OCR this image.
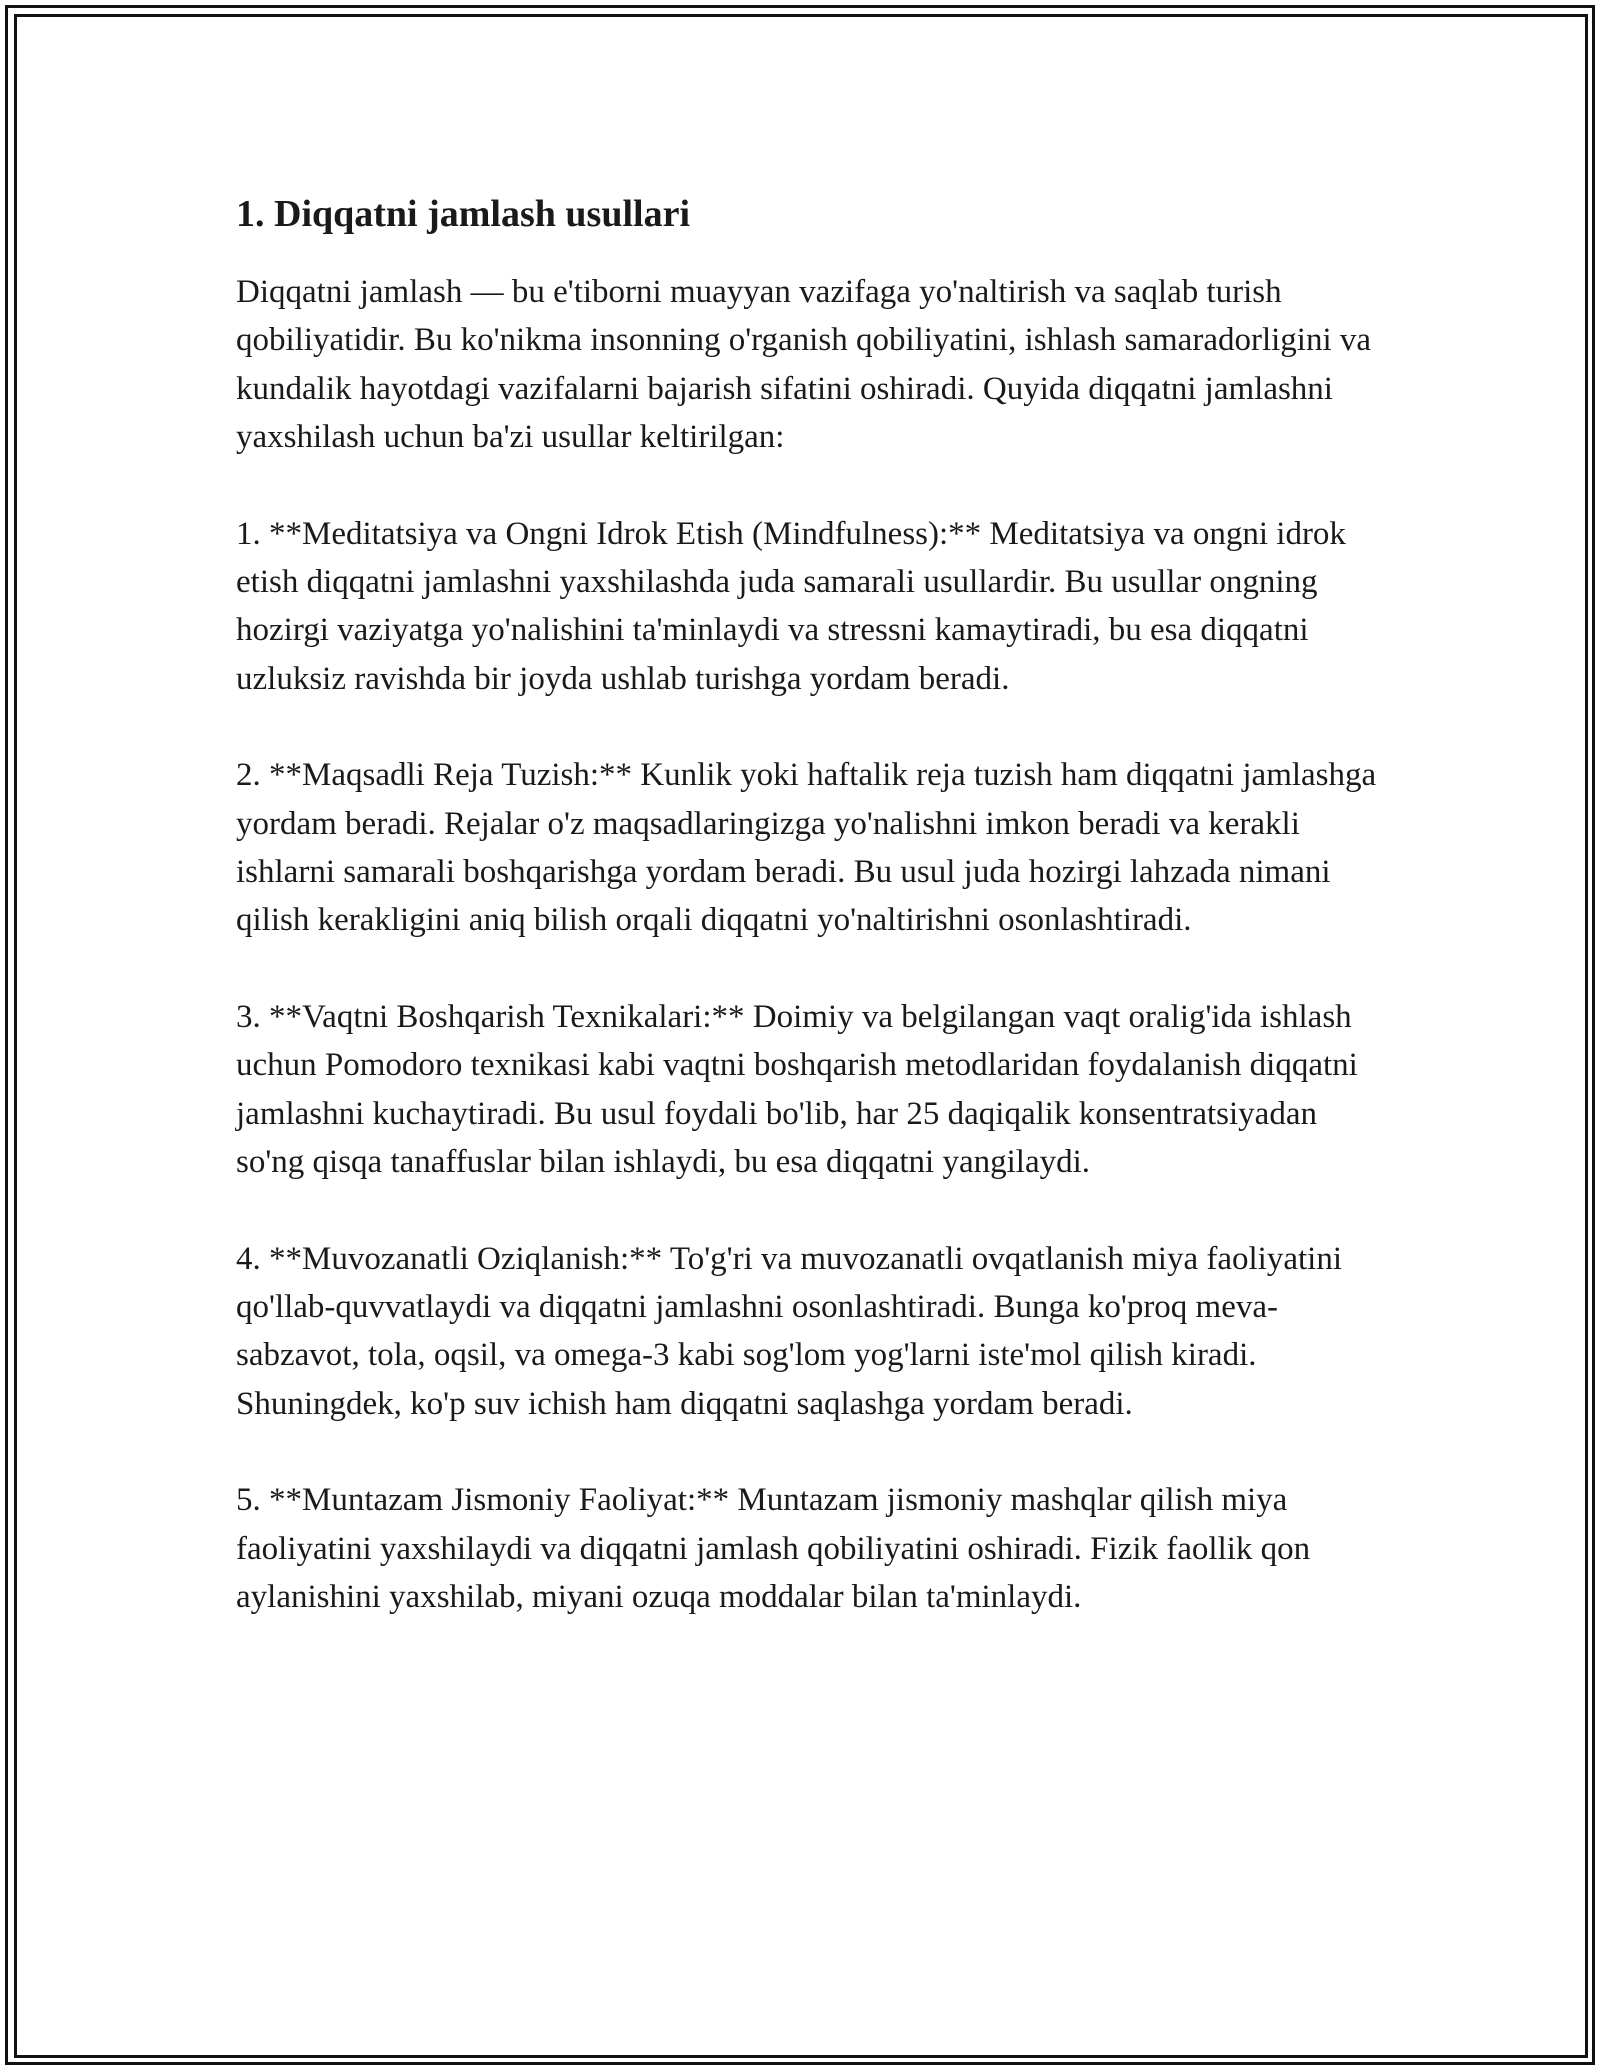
1. Diqqatni jamlash usullari

Diqqatni jamlash — bu e'tiborni muayyan vazifaga yo'naltirish va saqlab turish qobiliyatidir. Bu ko'nikma insonning o'rganish qobiliyatini, ishlash samaradorligini va kundalik hayotdagi vazifalarni bajarish sifatini oshiradi. Quyida diqqatni jamlashni yaxshilash uchun ba'zi usullar keltirilgan:

1. **Meditatsiya va Ongni Idrok Etish (Mindfulness):** Meditatsiya va ongni idrok etish diqqatni jamlashni yaxshilashda juda samarali usullardir. Bu usullar ongning hozirgi vaziyatga yo'nalishini ta'minlaydi va stressni kamaytiradi, bu esa diqqatni uzluksiz ravishda bir joyda ushlab turishga yordam beradi.

2. **Maqsadli Reja Tuzish:** Kunlik yoki haftalik reja tuzish ham diqqatni jamlashga yordam beradi. Rejalar o'z maqsadlaringizga yo'nalishni imkon beradi va kerakli ishlarni samarali boshqarishga yordam beradi. Bu usul juda hozirgi lahzada nimani qilish kerakligini aniq bilish orqali diqqatni yo'naltirishni osonlashtiradi.

3. **Vaqtni Boshqarish Texnikalari:** Doimiy va belgilangan vaqt oralig'ida ishlash uchun Pomodoro texnikasi kabi vaqtni boshqarish metodlaridan foydalanish diqqatni jamlashni kuchaytiradi. Bu usul foydali bo'lib, har 25 daqiqalik konsentratsiyadan so'ng qisqa tanaffuslar bilan ishlaydi, bu esa diqqatni yangilaydi.

4. **Muvozanatli Oziqlanish:** To'g'ri va muvozanatli ovqatlanish miya faoliyatini qo'llab-quvvatlaydi va diqqatni jamlashni osonlashtiradi. Bunga ko'proq meva-sabzavot, tola, oqsil, va omega-3 kabi sog'lom yog'larni iste'mol qilish kiradi. Shuningdek, ko'p suv ichish ham diqqatni saqlashga yordam beradi.

5. **Muntazam Jismoniy Faoliyat:** Muntazam jismoniy mashqlar qilish miya faoliyatini yaxshilaydi va diqqatni jamlash qobiliyatini oshiradi. Fizik faollik qon aylanishini yaxshilab, miyani ozuqa moddalar bilan ta'minlaydi.
